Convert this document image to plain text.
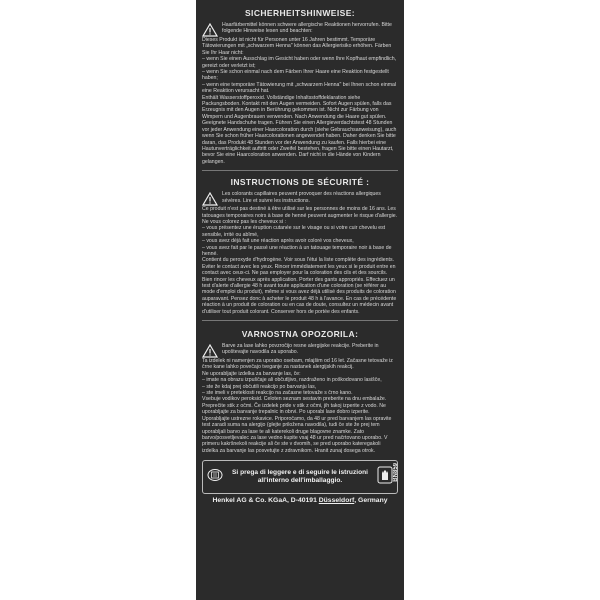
SICHERHEITSHINWEISE:

Haarfärbemittel können schwere allergische Reaktionen hervorrufen. Bitte folgende Hinweise lesen und beachten:

Dieses Produkt ist nicht für Personen unter 16 Jahren bestimmt. Temporäre Tätowierungen mit „schwarzem Henna" können das Allergierisiko erhöhen. Färben Sie Ihr Haar nicht:
– wenn Sie einen Ausschlag im Gesicht haben oder wenn Ihre Kopfhaut empfindlich, gereizt oder verletzt ist;
– wenn Sie schon einmal nach dem Färben Ihrer Haare eine Reaktion festgestellt haben;
– wenn eine temporäre Tätowierung mit „schwarzem Henna" bei Ihnen schon einmal eine Reaktion verursacht hat.

Enthält Wasserstoffperoxid. Vollständige Inhaltsstoffdeklaration siehe Packungsboden. Kontakt mit den Augen vermeiden. Sofort Augen spülen, falls das Erzeugnis mit den Augen in Berührung gekommen ist. Nicht zur Färbung von Wimpern und Augenbrauen verwenden. Nach Anwendung die Haare gut spülen. Geeignete Handschuhe tragen. Führen Sie einen Allergieverdachtstest 48 Stunden vor jeder Anwendung einer Haarcoloration durch (siehe Gebrauchsanweisung), auch wenn Sie schon früher Haarcolorationen angewendet haben. Daher denken Sie bitte daran, das Produkt 48 Stunden vor der Anwendung zu kaufen. Falls hierbei eine Hautunverträglichkeit auftritt oder Zweifel bestehen, fragen Sie bitte einen Hautarzt, bevor Sie eine Haarcoloration anwenden. Darf nicht in die Hände von Kindern gelangen.

INSTRUCTIONS DE SÉCURITÉ :

Les colorants capillaires peuvent provoquer des réactions allergiques sévères. Lire et suivre les instructions.

Ce produit n'est pas destiné à être utilisé sur les personnes de moins de 16 ans. Les tatouages temporaires noirs à base de henné peuvent augmenter le risque d'allergie.
Ne vous colorez pas les cheveux si :
– vous présentez une éruption cutanée sur le visage ou si votre cuir chevelu est sensible, irrité ou abîmé,
– vous avez déjà fait une réaction après avoir coloré vos cheveux,
– vous avez fait par le passé une réaction à un tatouage temporaire noir à base de henné.

Contient du peroxyde d'hydrogène. Voir sous l'étui la liste complète des ingrédients. Eviter le contact avec les yeux. Rincer immédiatement les yeux si le produit entre en contact avec ceux-ci. Ne pas employer pour la coloration des cils et des sourcils. Bien rincer les cheveux après application. Porter des gants appropriés. Effectuez un test d'alerte d'allergie 48 h avant toute application d'une coloration (se référer au mode d'emploi du produit), même si vous avez déjà utilisé des produits de coloration auparavant. Pensez donc à acheter le produit 48 h à l'avance. En cas de précédente réaction à un produit de coloration ou en cas de doute, consultez un médecin avant d'utiliser tout produit colorant. Conserver hors de portée des enfants.

VARNOSTNA OPOZORILA:

Barve za lase lahko povzročijo resne alergijske reakcije. Preberite in upoštevajte navodila za uporabo.

Ta izdelek ni namenjen za uporabo osebam, mlajšim od 16 let. Začasne tetovaže iz črne kane lahko povečajo tveganje za nastanek alergijskih reakcij.
Ne uporabljajte izdelka za barvanje las, če:
– imate na obrazu izpuščaje ali občutljivo, razdraženo in poškodovano lasišče,
– ste že kdaj prej občutili reakcijo po barvanju las,
– ste imeli v preteklosti reakcijo na začasne tetovaže s črno kano.

Vsebuje vodikov peroksid. Celoten seznam sestavin preberite na dnu embalaže. Preprečite stik z očmi. Če izdelek pride v stik z očmi, jih takoj izperite z vodo. Ne uporabljajte za barvanje trepalnic in obrvi. Po uporabi lase dobro izperite. Uporabljajte ustrezne rokavice. Priporočamo, da 48 ur pred barvanjem las opravite test zaradi suma na alergijo (glejte priložena navodila), tudi če ste že prej tem uporabljali barvo za lase te ali katerekoli druge blagovne znamke. Zato barvo/posvetljevalec za lase vedno kupite vsaj 48 ur pred načrtovano uporabo. V primeru kakršnekoli reakcije ali če ste v dvomih, se pred uporabo kateregakoli izdelka za barvanje las posvetujte z zdravnikom. Hranit zunaj dosega otrok.

Si prega di leggere e di seguire le istruzioni all'interno dell'imballaggio.	BN859
Henkel AG & Co. KGaA, D-40191 Düsseldorf, Germany
